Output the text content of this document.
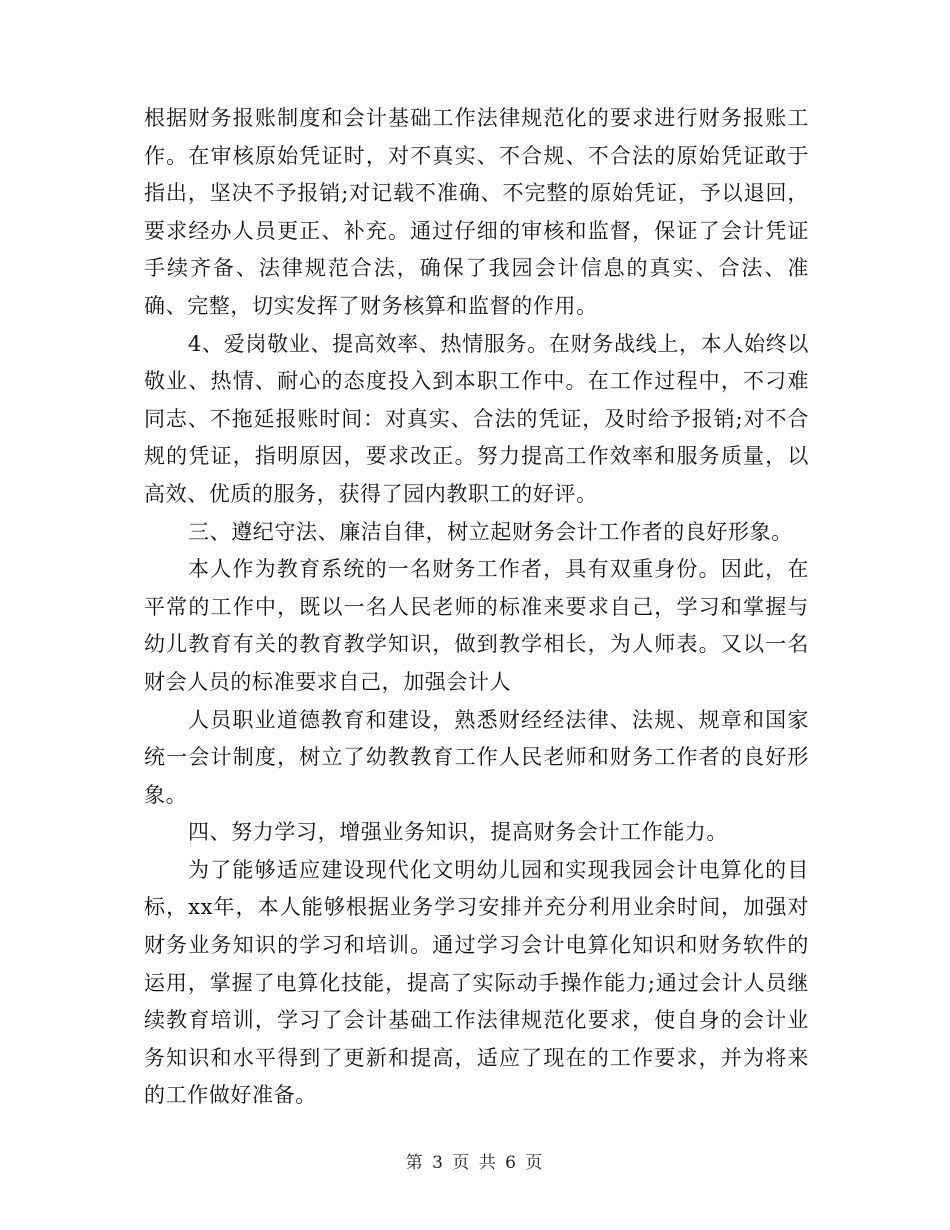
根据财务报账制度和会计基础工作法律规范化的要求进行财务报账工作。在审核原始凭证时，对不真实、不合规、不合法的原始凭证敢于指出，坚决不予报销;对记载不准确、不完整的原始凭证，予以退回，要求经办人员更正、补充。通过仔细的审核和监督，保证了会计凭证手续齐备、法律规范合法，确保了我园会计信息的真实、合法、准确、完整，切实发挥了财务核算和监督的作用。

4、爱岗敬业、提高效率、热情服务。在财务战线上，本人始终以敬业、热情、耐心的态度投入到本职工作中。在工作过程中，不刁难同志、不拖延报账时间：对真实、合法的凭证，及时给予报销;对不合规的凭证，指明原因，要求改正。努力提高工作效率和服务质量，以高效、优质的服务，获得了园内教职工的好评。

三、遵纪守法、廉洁自律，树立起财务会计工作者的良好形象。

本人作为教育系统的一名财务工作者，具有双重身份。因此，在平常的工作中，既以一名人民老师的标准来要求自己，学习和掌握与幼儿教育有关的教育教学知识，做到教学相长，为人师表。又以一名财会人员的标准要求自己，加强会计人

人员职业道德教育和建设，熟悉财经经法律、法规、规章和国家统一会计制度，树立了幼教教育工作人民老师和财务工作者的良好形象。

四、努力学习，增强业务知识，提高财务会计工作能力。

为了能够适应建设现代化文明幼儿园和实现我园会计电算化的目标，xx年，本人能够根据业务学习安排并充分利用业余时间，加强对财务业务知识的学习和培训。通过学习会计电算化知识和财务软件的运用，掌握了电算化技能，提高了实际动手操作能力;通过会计人员继续教育培训，学习了会计基础工作法律规范化要求，使自身的会计业务知识和水平得到了更新和提高，适应了现在的工作要求，并为将来的工作做好准备。

第 3 页 共 6 页
